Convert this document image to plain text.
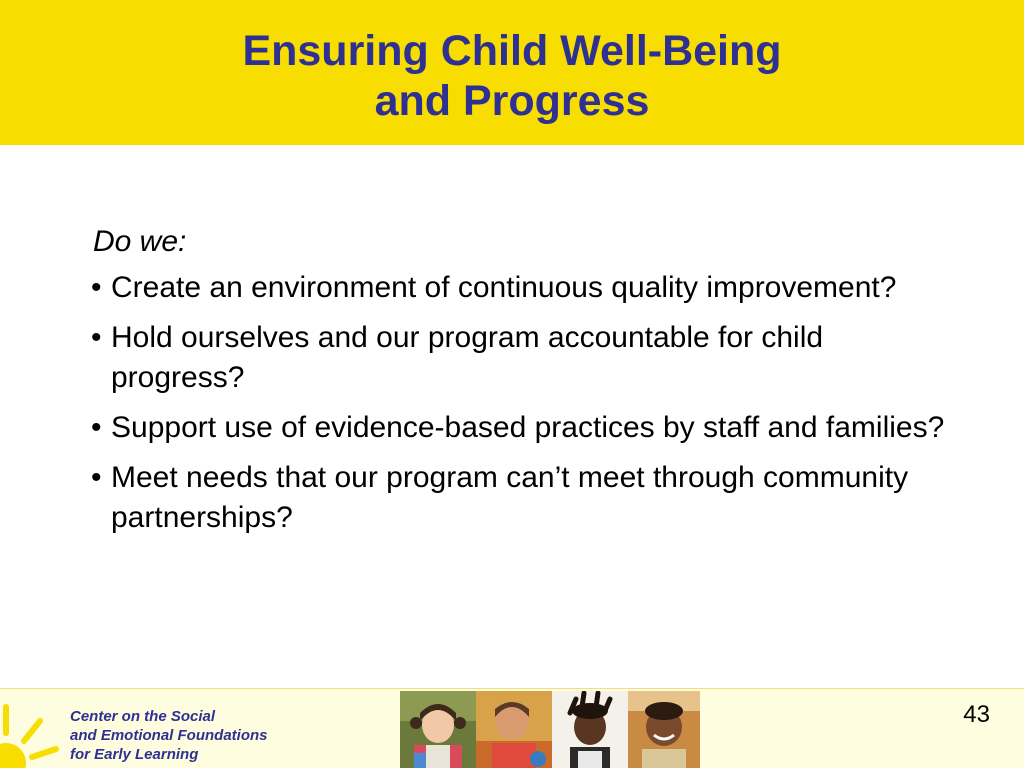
Ensuring Child Well-Being
and Progress
Do we:
• Create an environment of continuous quality improvement?
• Hold ourselves and our program accountable for child progress?
• Support use of evidence-based practices by staff and families?
• Meet needs that our program can’t meet through community partnerships?
Center on the Social
and Emotional Foundations
for Early Learning
43
